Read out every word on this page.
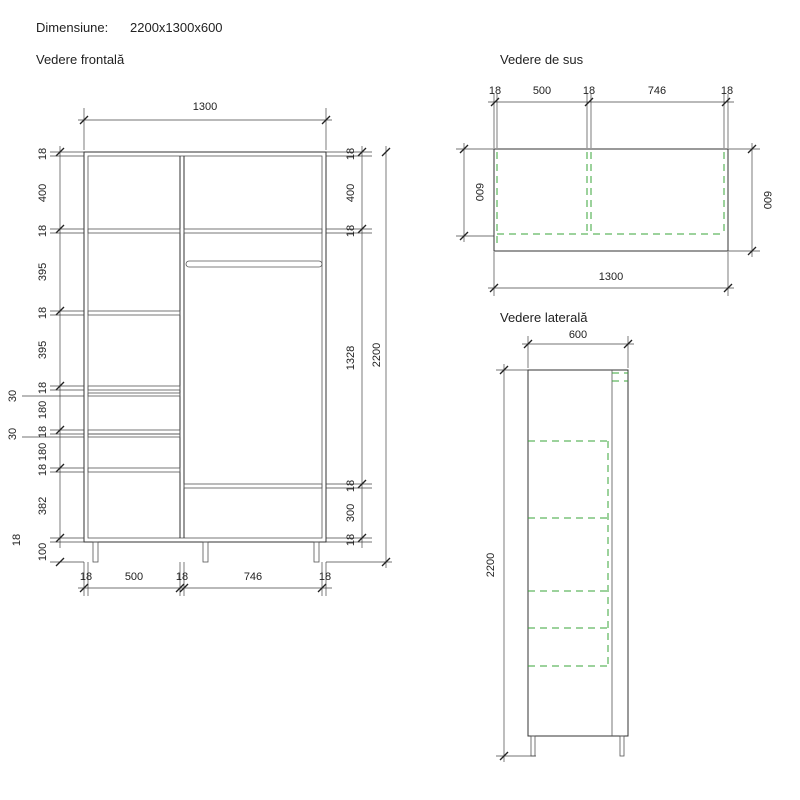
Dimensiune: 2200x1300x600
Vedere frontală	Vedere de sus
Vedere laterală
1300
18
400
18
395
18
395
18
180
18
180
18
382
18
100
30
30
18
400
18
1328
18
300
18
2200
18	500	18	746	18
18	500	18	746	18
1300
600	600
600
2200
